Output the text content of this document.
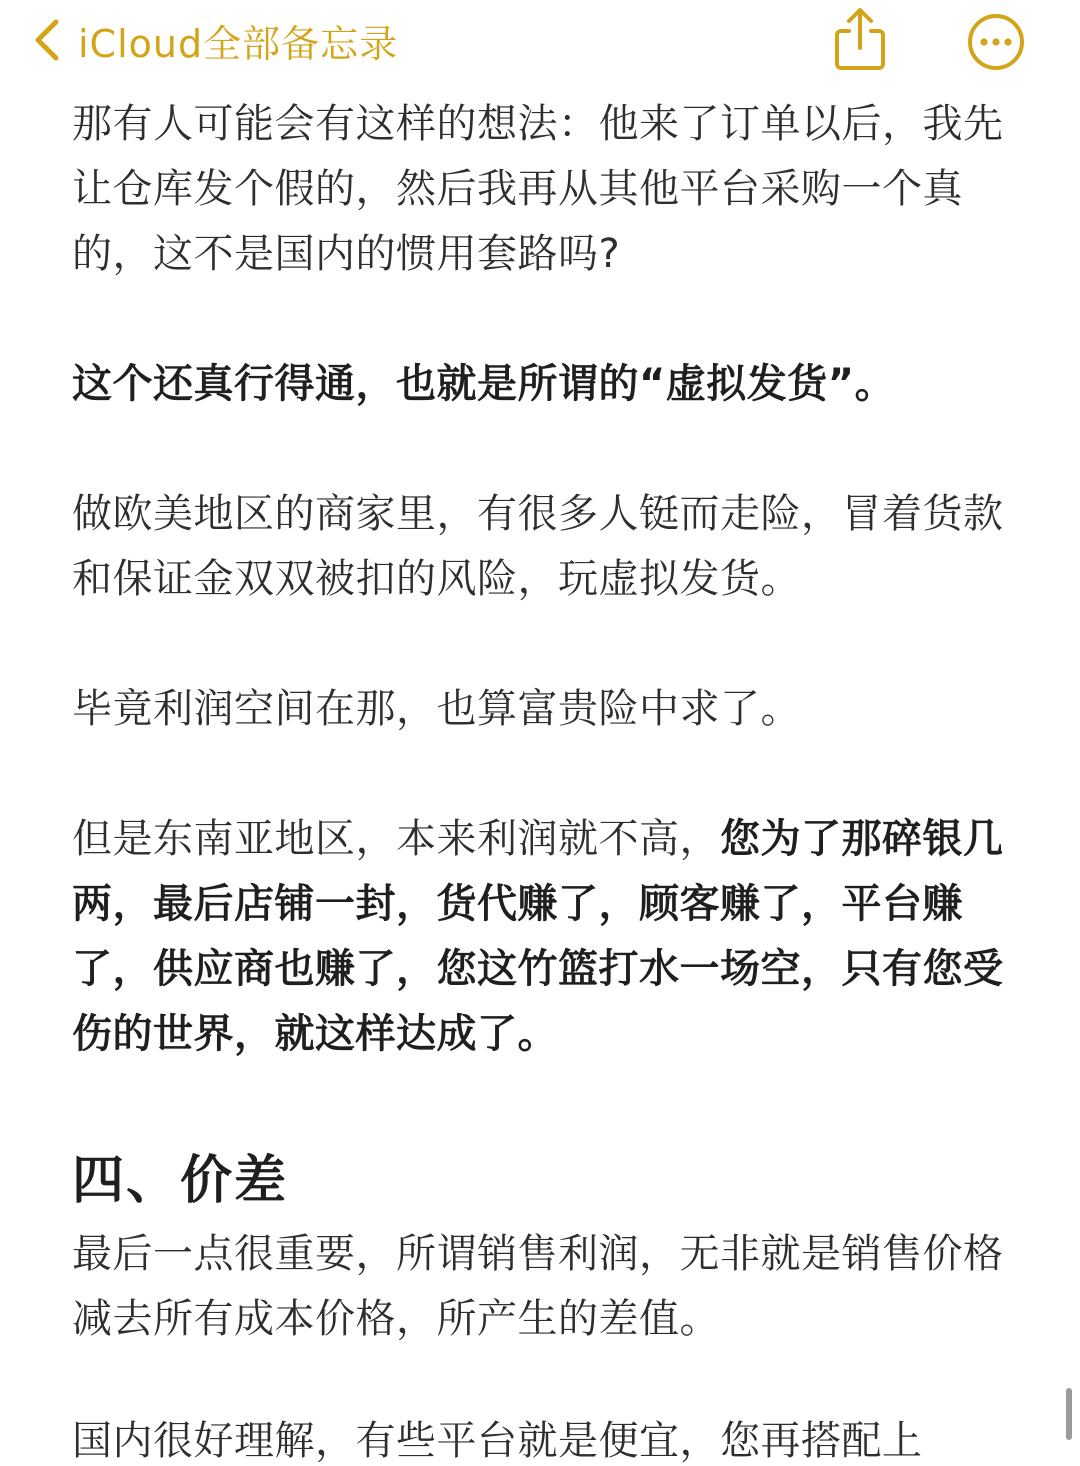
iCloud全部备忘录

那有人可能会有这样的想法：他来了订单以后，我先让仓库发个假的，然后我再从其他平台采购一个真的，这不是国内的惯用套路吗?

这个还真行得通，也就是所谓的“虚拟发货”。

做欧美地区的商家里，有很多人铤而走险，冒着货款和保证金双双被扣的风险，玩虚拟发货。

毕竟利润空间在那，也算富贵险中求了。

但是东南亚地区，本来利润就不高，您为了那碎银几两，最后店铺一封，货代赚了，顾客赚了，平台赚了，供应商也赚了，您这竹篮打水一场空，只有您受伤的世界，就这样达成了。

四、价差

最后一点很重要，所谓销售利润，无非就是销售价格减去所有成本价格，所产生的差值。

国内很好理解，有些平台就是便宜，您再搭配上
